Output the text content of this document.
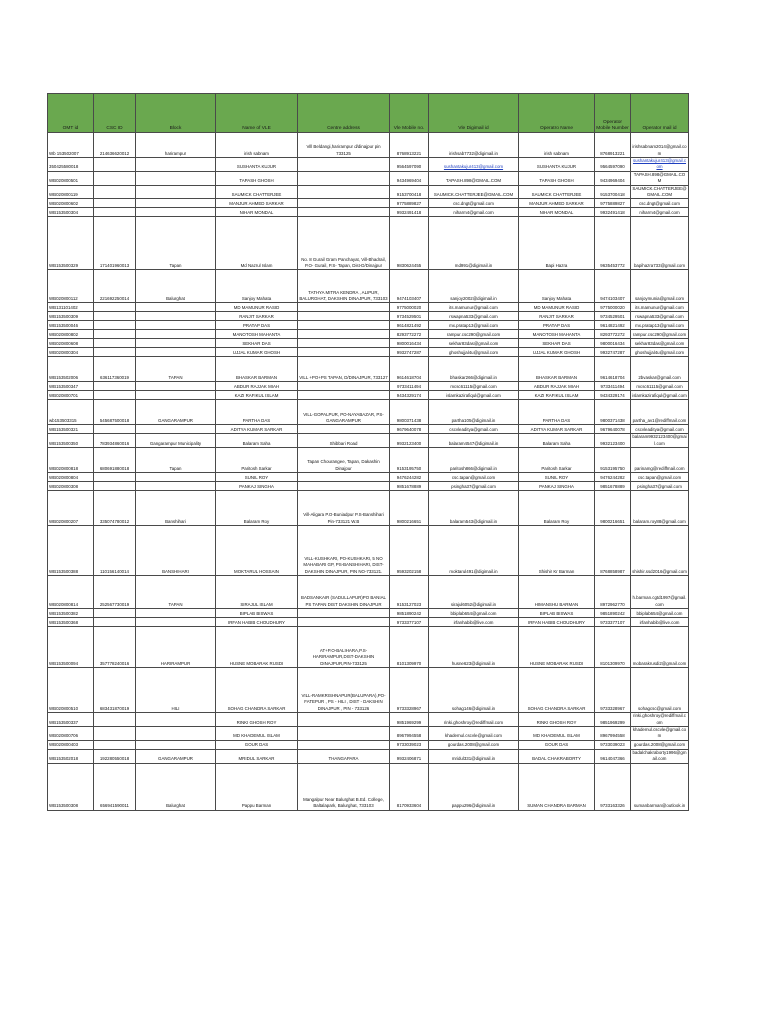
OMT id	CSC ID	Block	Name of VLE	Centre address	Vle Mobile no.	Vle Digimail id	Operatro Name	Operator Mobile Number	Operator mail id
Wb 153502007	214636620012	harirampur	irish sabnam	Vill Beldangi,harirampur d/dinajpur pin 733125	8768913221	irishsab7732@digimail.in	irish sabnam	8768913221	irishsabnam2014@gmail.com
350425580018			SUSHANTA KUJUR		9564597090	sushantakujur413@gmail.com	SUSHANTA KUJUR	9564597090	sushantakujur413@gmail.com
WB020800501			TAPASH GHOSH		9434969404	TAPASH.898@GMAIL.COM	TAPASH GHOSH	9434969404	TAPASH.898@GMAIL.COM
WB020800119			SAUMICK CHATTERJEE		9153700418	SAUMICK.CHATTERJEE@GMAIL.COM	SAUMICK CHATTERJEE	9153700418	SAUMICK.CHATTERJEE@GMAIL.COM
WB020800602			MANJUR AHMED SARKAR		9775889827	csc.dngt@gmail.com	MANJUR AHMED SARKAR	9775889827	csc.dngt@gmail.com
WB153500304			NIHAR MONDAL		9932491418	niharm4@gmail.com	NIHAR MONDAL	9932491418	niharm4@gmail.com
WB153500329	171401960013	Tapan	Md Nazrul Islam	No. 8 Gurail Gram Panchayat, Vill-Bhadrail, P.O- Gurail, P.S- Tapan, Dist-D/Dinajpur	9830624455	md991@digimail.in	Bapi Hazra	9635453772	bapihazra733@gmail.com
WB020800112	221692250014	Balurghat	Sanjoy Mahata	TATHYA MITRA KENDRA , ALIPUR, BALURGHAT, DAKSHIN DINAJPUR, 733103	9474103407	sanjoy2002@digimail.in	Sanjoy Mahata	9474103407	sanjoymunia@gmail.com
WB131101402			MD MAMUNUR RASID		9775000020	its.mamunur@gmail.com	MD MAMUNUR RASID	9775000020	its.mamunur@gmail.com
WB153500309			RANJIT SARKAR		9734529501	rswapna533@gmail.com	RANJIT SARKAR	9734529501	rswapna533@gmail.com
WB153500046			PRATAP DAS		9614821492	mx.pratap13@gmail.com	PRATAP DAS	9614821492	mx.pratap13@gmail.com
WB020800802			MANOTOSH MAHANTA		8293772272	rampur.csc290@gmail.com	MANOTOSH MAHANTA	8293772272	rampur.csc290@gmail.com
WB020800608			SEKHAR DAS		9800016434	sekhar83das@gmail.com	SEKHAR DAS	9800016434	sekhar83das@gmail.com
WB020800304			UJJAL KUMAR GHOSH		9932747287	ghoshujjal4u@gmail.com	UJJAL KUMAR GHOSH	9932747287	ghoshujjal4u@gmail.com
WB153502006	636117360019	TAPAN	BHASKAR BARMAN	VILL +PO+PS TAPAN, D/DINAJPUR, 733127	9614618704	bhaskar266@digimail.in	BHASKAR BARMAN	9614618704	2bvaskar@gmail.com
WB153500347			ABDUR RAJJAK MIAH		9733411494	mcsc61115@gmail.com	ABDUR RAJJAK MIAH	9733411494	mcsc61115@gmail.com
WB020800701			KAZI RAFIKUL ISLAM		9434329174	islamkazirafiqul@gmail.com	KAZI RAFIKUL ISLAM	9434329174	islamkazirafiqul@gmail.com
wb153503315	545687500018	GANGARAMPUR	PARTHA DAS	VILL-GOPALPUR, PO-NAYABAZAR, PS-GANGARAMPUR	9800371438	partha105@digimail.in	PARTHA DAS	9800371438	partha_av1@rediffmail.com
WB153500321			ADITYA KUMAR SARKAR		9679640078	cscvleaditya@gmail.com	ADITYA KUMAR SARKAR	9679640078	cscvleaditya@gmail.com
WB153500350	783934860016	Gangarampur Municipality	Balaram Saha	Shibbari Road	9932123400	balaram4547@digimail.in	Balaram Saha	9932123400	balaram9932123400@gmail.com
WB020800818	680691880018	Tapan	Paritosh Sarkar	Tapan Chourangee, Tapan, Dakashin Dinajpur	9153195750	paritosh866@digimail.in	Paritosh Sarkar	9153195750	parinamg@rediffmail.com
WB020800804			SUNIL ROY		9476244282	csc.tapan@gmail.com	SUNIL ROY	9476244282	csc.tapan@gmail.com
WB020800308			PANKAJ SINGHA		9851678889	psingha37@gmail.com	PANKAJ SINGHA	9851678889	psingha37@gmail.com
WB020800207	335074780012	Banshihari	Balaram Roy	Vill-Aligara P.O-Buniadpur P.S-Banshihari Pin-733121 W.B	9800216651	balaram543@digimail.in	Balaram Roy	9800216651	balaram.roy88@gmail.com
WB153500388	110156140014	BANSHIHARI	MOKTARUL HOSSAIN	VILL-KUSHKARI, PO-KUSHKARI, 5 NO MAHABARI GP, PS-BANSHIHARI, DIST-DAKSHIN DINAJPUR, PIN NO-733121.	9593202158	moktarul491@digimail.in	Shishir Kr Barman	8768858987	shishir.ssd2016@gmail.com
WB020800814	252567730019	TAPAN	SIRAJUL ISLAM	BADSANKAIR (SADULLAPUR)PO BANIAL PS TAPAN DIST DAKSHIN DINAJPUR	9153127023	sirajul6052@digimail.in	HIMANSHU BARMAN	8972962770	h.barman.cgtd1997@gmail.com
WB153500382			BIPLAB BISWAS		9851890242	bbiplab654@gmail.com	BIPLAB BISWAS	9851890242	bbiplab654@gmail.com
WB153500368			IRFAN HABIB CHOUDHURY		9733377107	irfanhabib@live.com	IRFAN HABIB CHOUDHURY	9733377107	irfanhabib@live.com
WB153500094	357778240016	HARIRAMPUR	HUSNE MOBARAK RUSDI	AT+P.O-BALIHARA,P.S-HARIRAMPUR,DIST-DAKSHIN DINAJPUR,PIN-733125	8101309970	husne623@digimail.in	HUSNE MOBARAK RUSDI	8101309970	mobarakrusdi2@gmail.com
WB020800510	683431870019	HILI	SOHAG CHANDRA SARKAR	VILL-RAMKRISHNAPUR(BALUPARA),PO-FATEPUR , PS - HILI , DIST - DAKSHIN DINAJPUR , PIN - 733126	9733328967	sohag146@digimail.in	SOHAG CHANDRA SARKAR	9733328967	sohagcsc@gmail.com
WB153500337			RINKI GHOSH ROY		9851969299	rinki.ghoshroy@rediffmail.com	RINKI GHOSH ROY	9851969299	rinki.ghoshroy@rediffmail.com
WB020800706			MD KHADEMUL ISLAM		8967994558	khademul.cscvle@gmail.com	MD KHADEMUL ISLAM	8967994558	khademul.cscvle@gmail.com
WB020800403			GOUR DAS		9733039023	gourdas.2008@gmail.com	GOUR DAS	9733039023	gourdas.2008@gmail.com
WB153502018	192280550018	GANGARAMPUR	MRIDUL SARKAR	THANGAPARA	9932406871	mridul331@digimail.in	BADAL CHAKRABORTY	9614047366	badalchakraborty1996@gmail.com
WB153500308	656941590011	Balurghat	Pappu Barman	Mangalpur Near Balurghat B.Ed. College, Baltalapark, Balurghat, 733103	8170933604	pappu296@digimail.in	SUMAN CHANDRA BARMAN	9733163326	sumanbarman@outlook.in
